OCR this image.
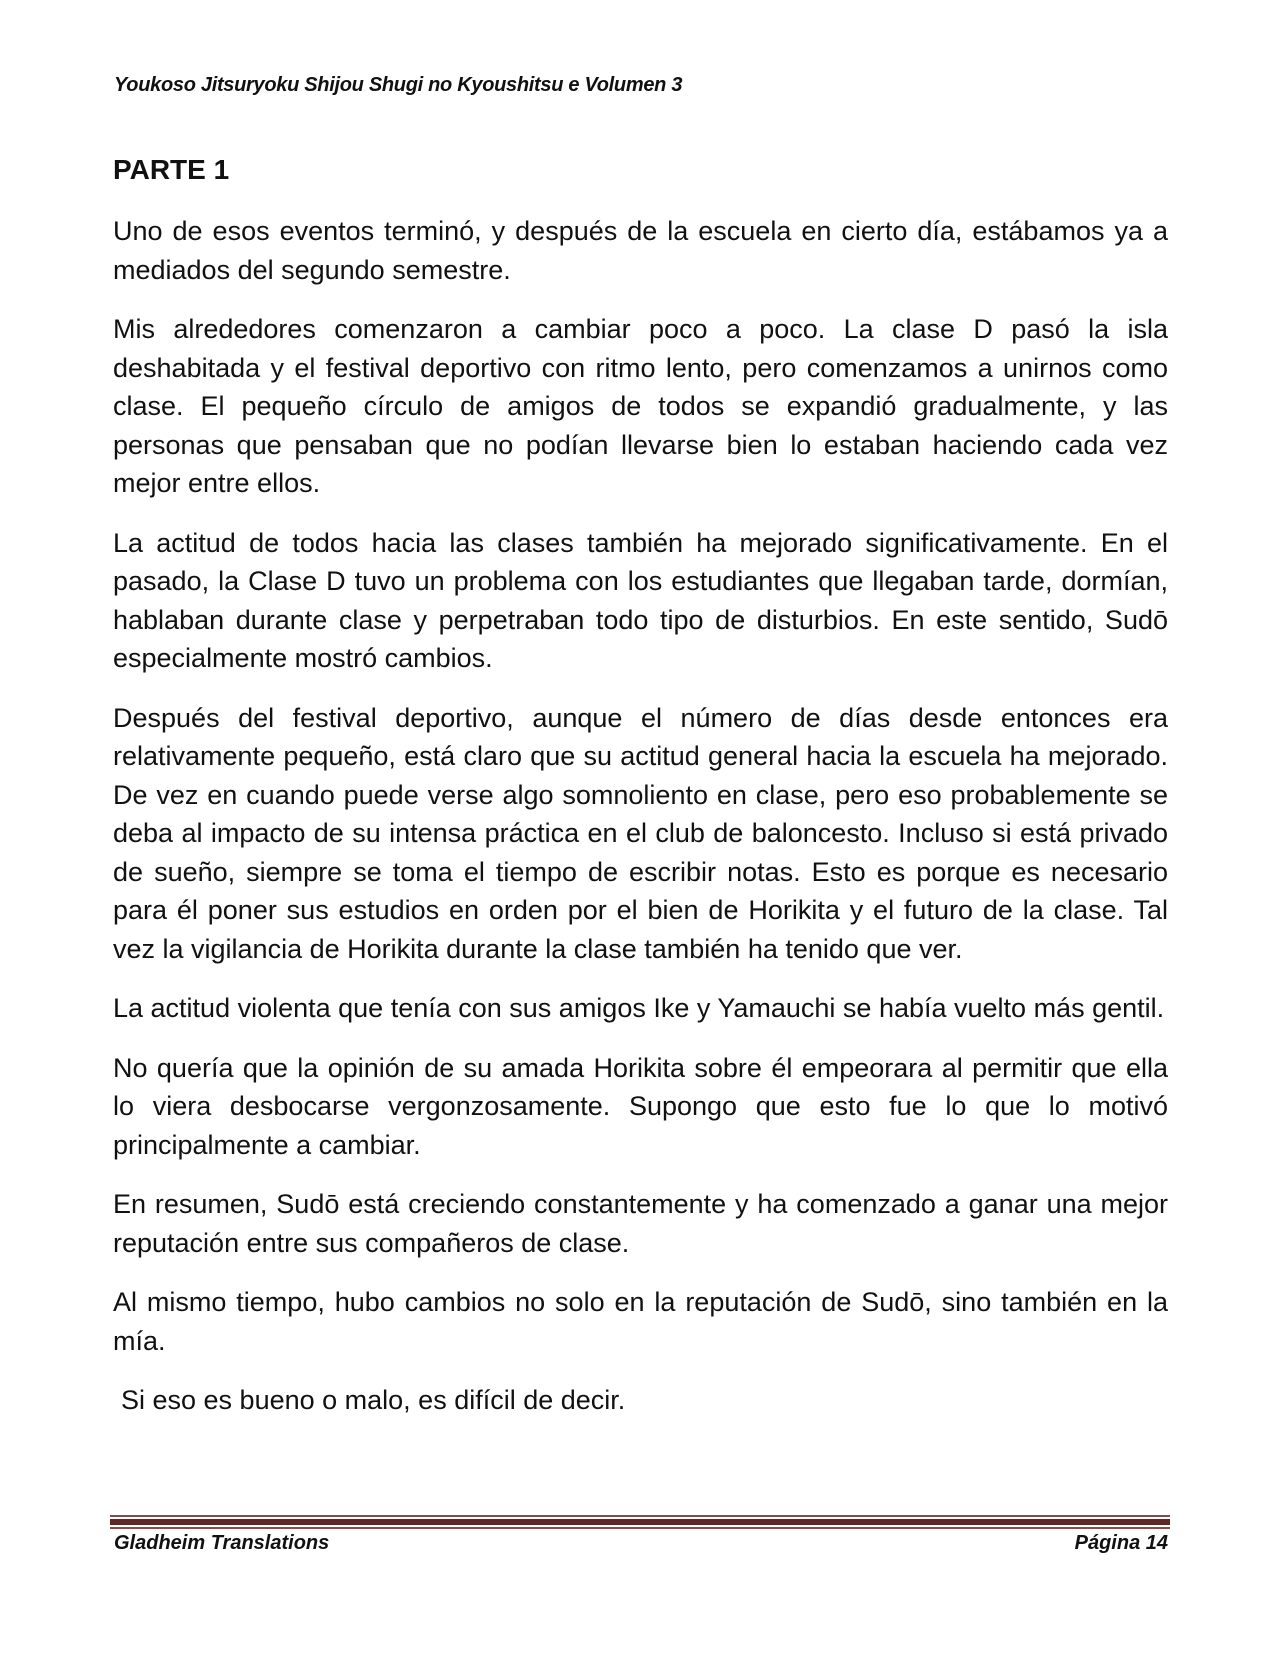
Youkoso Jitsuryoku Shijou Shugi no Kyoushitsu e Volumen 3
PARTE 1

Uno de esos eventos terminó, y después de la escuela en cierto día, estábamos ya a mediados del segundo semestre.

Mis alrededores comenzaron a cambiar poco a poco. La clase D pasó la isla deshabitada y el festival deportivo con ritmo lento, pero comenzamos a unirnos como clase. El pequeño círculo de amigos de todos se expandió gradualmente, y las personas que pensaban que no podían llevarse bien lo estaban haciendo cada vez mejor entre ellos.

La actitud de todos hacia las clases también ha mejorado significativamente. En el pasado, la Clase D tuvo un problema con los estudiantes que llegaban tarde, dormían, hablaban durante clase y perpetraban todo tipo de disturbios. En este sentido, Sudō especialmente mostró cambios.

Después del festival deportivo, aunque el número de días desde entonces era relativamente pequeño, está claro que su actitud general hacia la escuela ha mejorado. De vez en cuando puede verse algo somnoliento en clase, pero eso probablemente se deba al impacto de su intensa práctica en el club de baloncesto. Incluso si está privado de sueño, siempre se toma el tiempo de escribir notas. Esto es porque es necesario para él poner sus estudios en orden por el bien de Horikita y el futuro de la clase. Tal vez la vigilancia de Horikita durante la clase también ha tenido que ver.

La actitud violenta que tenía con sus amigos Ike y Yamauchi se había vuelto más gentil.

No quería que la opinión de su amada Horikita sobre él empeorara al permitir que ella lo viera desbocarse vergonzosamente. Supongo que esto fue lo que lo motivó principalmente a cambiar.

En resumen, Sudō está creciendo constantemente y ha comenzado a ganar una mejor reputación entre sus compañeros de clase.

Al mismo tiempo, hubo cambios no solo en la reputación de Sudō, sino también en la mía.

Si eso es bueno o malo, es difícil de decir.

Gladheim Translations	Página 14
